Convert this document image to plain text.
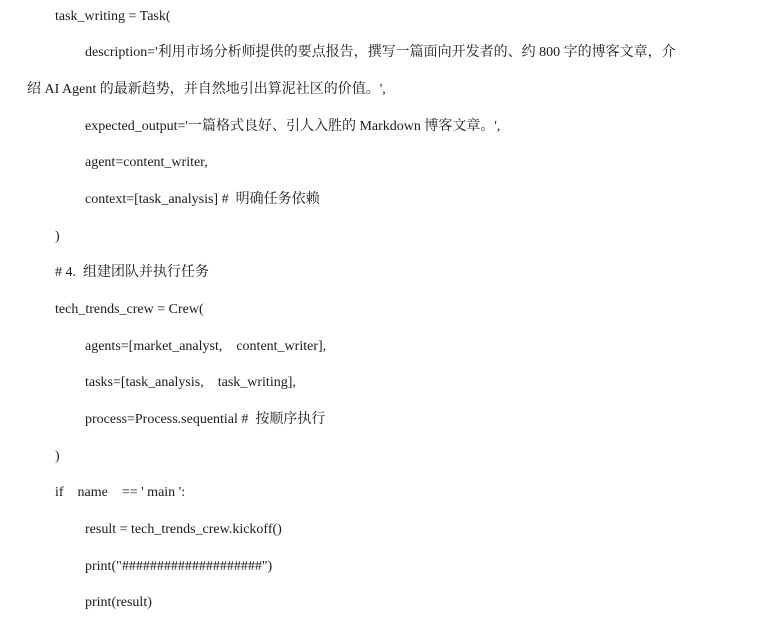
task_writing = Task(
description='利用市场分析师提供的要点报告，撰写一篇面向开发者的、约 800 字的博客文章，介
绍 AI Agent 的最新趋势，并自然地引出算泥社区的价值。',
expected_output='一篇格式良好、引人入胜的 Markdown 博客文章。',
agent=content_writer,
context=[task_analysis] #  明确任务依赖
)
# 4.  组建团队并执行任务
tech_trends_crew = Crew(
agents=[market_analyst,    content_writer],
tasks=[task_analysis,    task_writing],
process=Process.sequential #  按顺序执行
)
if    name    == ' main ':
result = tech_trends_crew.kickoff()
print("####################")
print(result)
